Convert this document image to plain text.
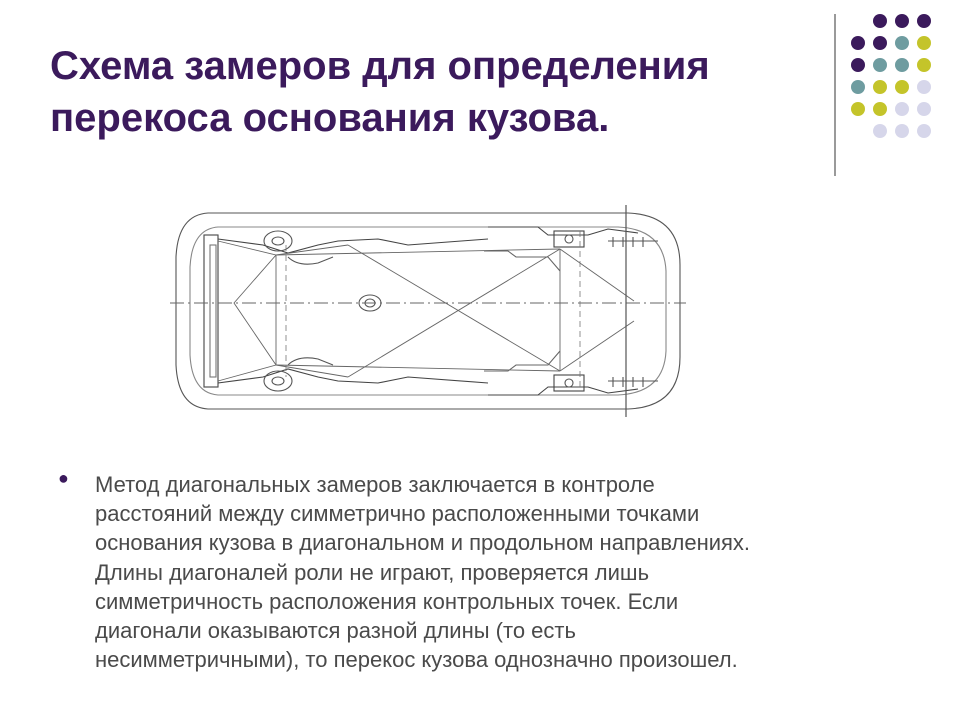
Схема замеров для определения
перекоса основания кузова.
● Метод диагональных замеров заключается в контроле
расстояний между симметрично расположенными точками
основания кузова в диагональном и продольном направлениях.
Длины диагоналей роли не играют, проверяется лишь
симметричность расположения контрольных точек. Если
диагонали оказываются разной длины (то есть
несимметричными), то перекос кузова однозначно произошел.
